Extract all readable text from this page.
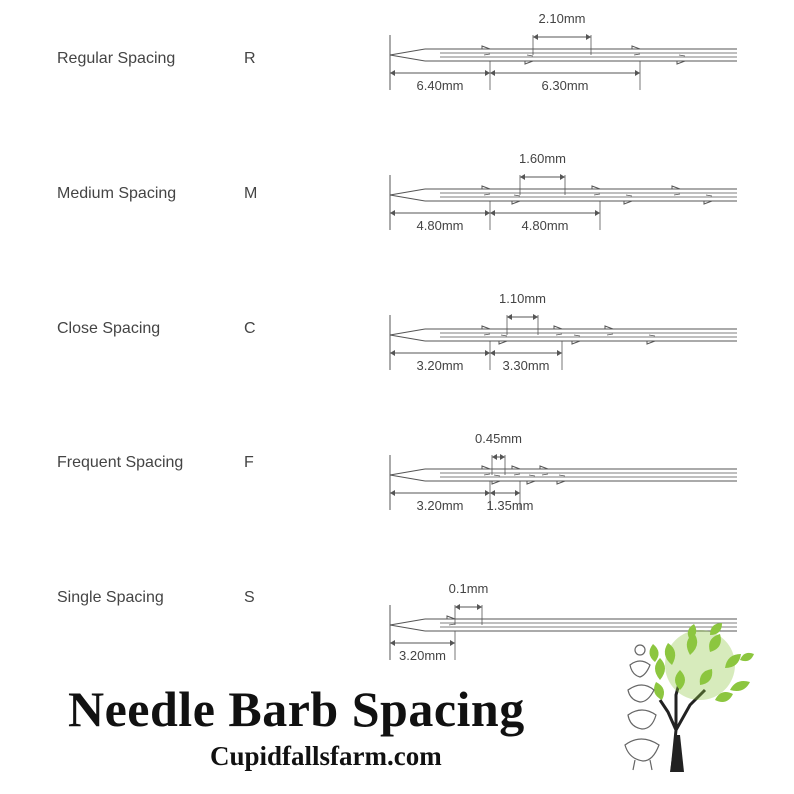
2.10mm
6.40mm	6.30mm
1.60mm
4.80mm	4.80mm
1.10mm
3.20mm	3.30mm
0.45mm
3.20mm 1.35mm
0.1mm
3.20mm
Regular Spacing	R
Medium Spacing	M
Close Spacing	C
Frequent Spacing	F
Single Spacing	S
Needle Barb Spacing
Cupidfallsfarm.com
